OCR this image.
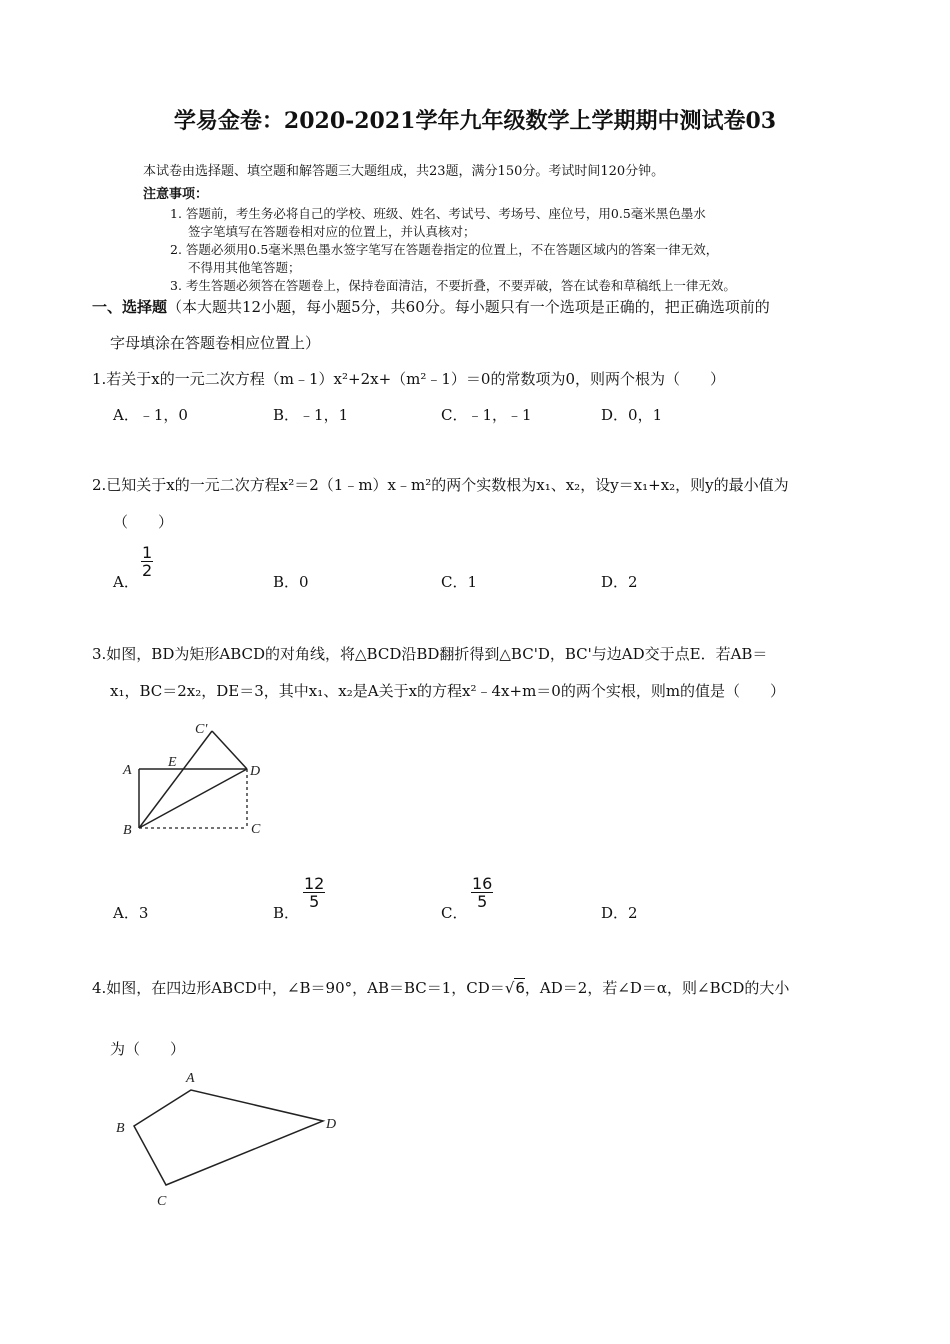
学易金卷：2020-2021学年九年级数学上学期期中测试卷03
本试卷由选择题、填空题和解答题三大题组成，共23题，满分150分。考试时间120分钟。
注意事项：
1. 答题前，考生务必将自己的学校、班级、姓名、考试号、考场号、座位号，用0.5毫米黑色墨水
签字笔填写在答题卷相对应的位置上，并认真核对；
2. 答题必须用0.5毫米黑色墨水签字笔写在答题卷指定的位置上，不在答题区域内的答案一律无效，
不得用其他笔答题；
3. 考生答题必须答在答题卷上，保持卷面清洁，不要折叠，不要弄破，答在试卷和草稿纸上一律无效。
一、选择题（本大题共12小题，每小题5分，共60分。每小题只有一个选项是正确的，把正确选项前的
字母填涂在答题卷相应位置上）
1.若关于x的一元二次方程（m﹣1）x²+2x+（m²﹣1）＝0的常数项为0，则两个根为（　　）
A．﹣1，0	B．﹣1，1	C．﹣1，﹣1	D．0，1
2.已知关于x的一元二次方程x²＝2（1﹣m）x﹣m²的两个实数根为x₁、x₂，设y＝x₁+x₂，则y的最小值为
（　　）
A．
$\frac{1}{2}$
B．0	C．1	D．2
3.如图，BD为矩形ABCD的对角线，将△BCD沿BD翻折得到△BC'D，BC'与边AD交于点E．若AB＝
x₁，BC＝2x₂，DE＝3，其中x₁、x₂是A关于x的方程x²﹣4x+m＝0的两个实根，则m的值是（　　）
C'
A
E
D
B	C
A．3	B．
$\frac{12}{5}$
C．
$\frac{16}{5}$
D．2
4.如图，在四边形ABCD中，∠B＝90°，AB＝BC＝1，CD＝√6，AD＝2，若∠D＝α，则∠BCD的大小
为（　　）
A
B	D
C
